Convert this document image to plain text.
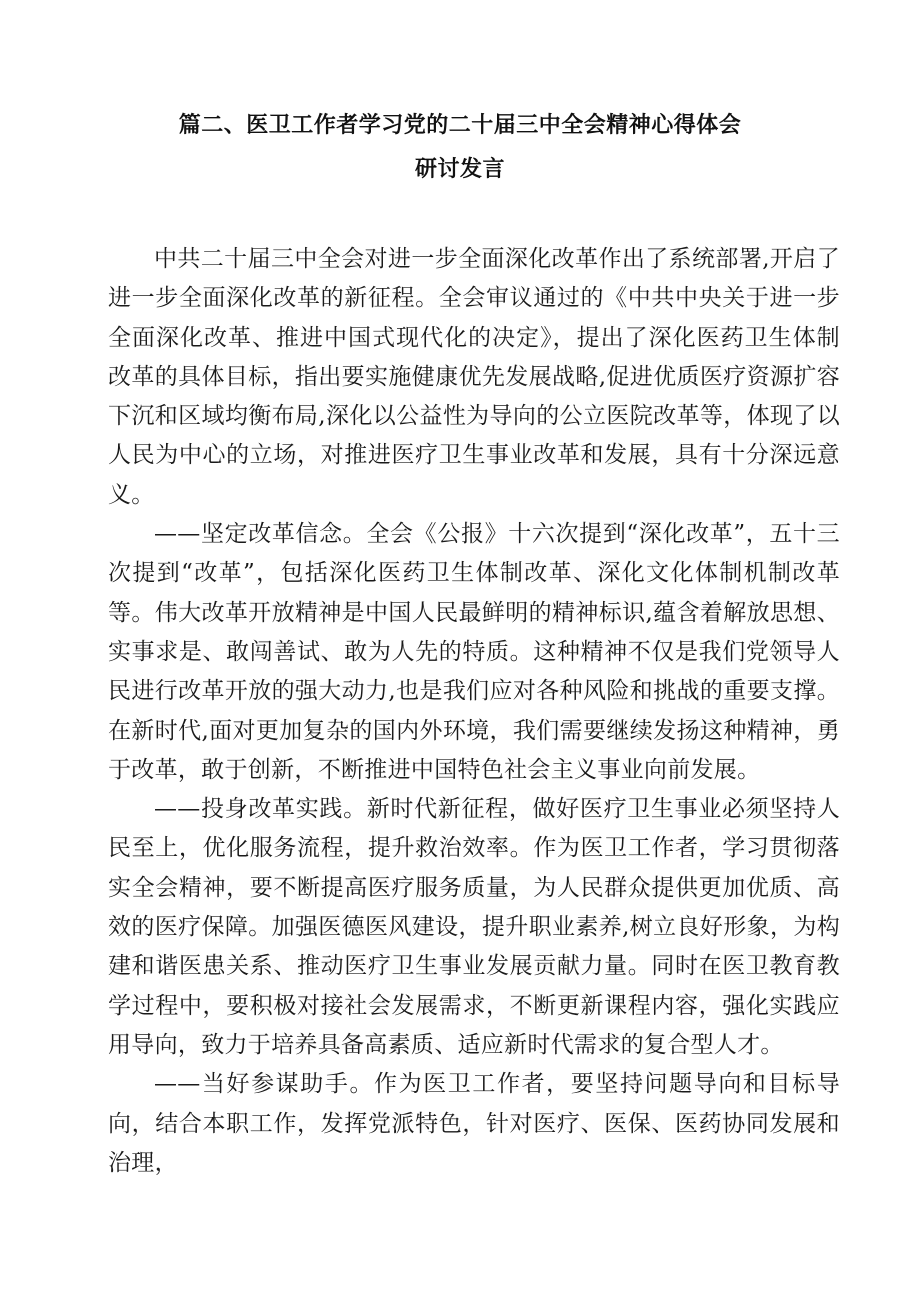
篇二、医卫工作者学习党的二十届三中全会精神心得体会
研讨发言

中共二十届三中全会对进一步全面深化改革作出了系统部署,开启了进一步全面深化改革的新征程。全会审议通过的《中共中央关于进一步全面深化改革、推进中国式现代化的决定》，提出了深化医药卫生体制改革的具体目标，指出要实施健康优先发展战略,促进优质医疗资源扩容下沉和区域均衡布局,深化以公益性为导向的公立医院改革等，体现了以人民为中心的立场，对推进医疗卫生事业改革和发展，具有十分深远意义。

——坚定改革信念。全会《公报》十六次提到“深化改革”，五十三次提到“改革”，包括深化医药卫生体制改革、深化文化体制机制改革等。伟大改革开放精神是中国人民最鲜明的精神标识,蕴含着解放思想、实事求是、敢闯善试、敢为人先的特质。这种精神不仅是我们党领导人民进行改革开放的强大动力,也是我们应对各种风险和挑战的重要支撑。在新时代,面对更加复杂的国内外环境，我们需要继续发扬这种精神，勇于改革，敢于创新，不断推进中国特色社会主义事业向前发展。

——投身改革实践。新时代新征程，做好医疗卫生事业必须坚持人民至上，优化服务流程，提升救治效率。作为医卫工作者，学习贯彻落实全会精神，要不断提高医疗服务质量，为人民群众提供更加优质、高效的医疗保障。加强医德医风建设，提升职业素养,树立良好形象，为构建和谐医患关系、推动医疗卫生事业发展贡献力量。同时在医卫教育教学过程中，要积极对接社会发展需求，不断更新课程内容，强化实践应用导向，致力于培养具备高素质、适应新时代需求的复合型人才。

——当好参谋助手。作为医卫工作者，要坚持问题导向和目标导向，结合本职工作，发挥党派特色，针对医疗、医保、医药协同发展和治理，
